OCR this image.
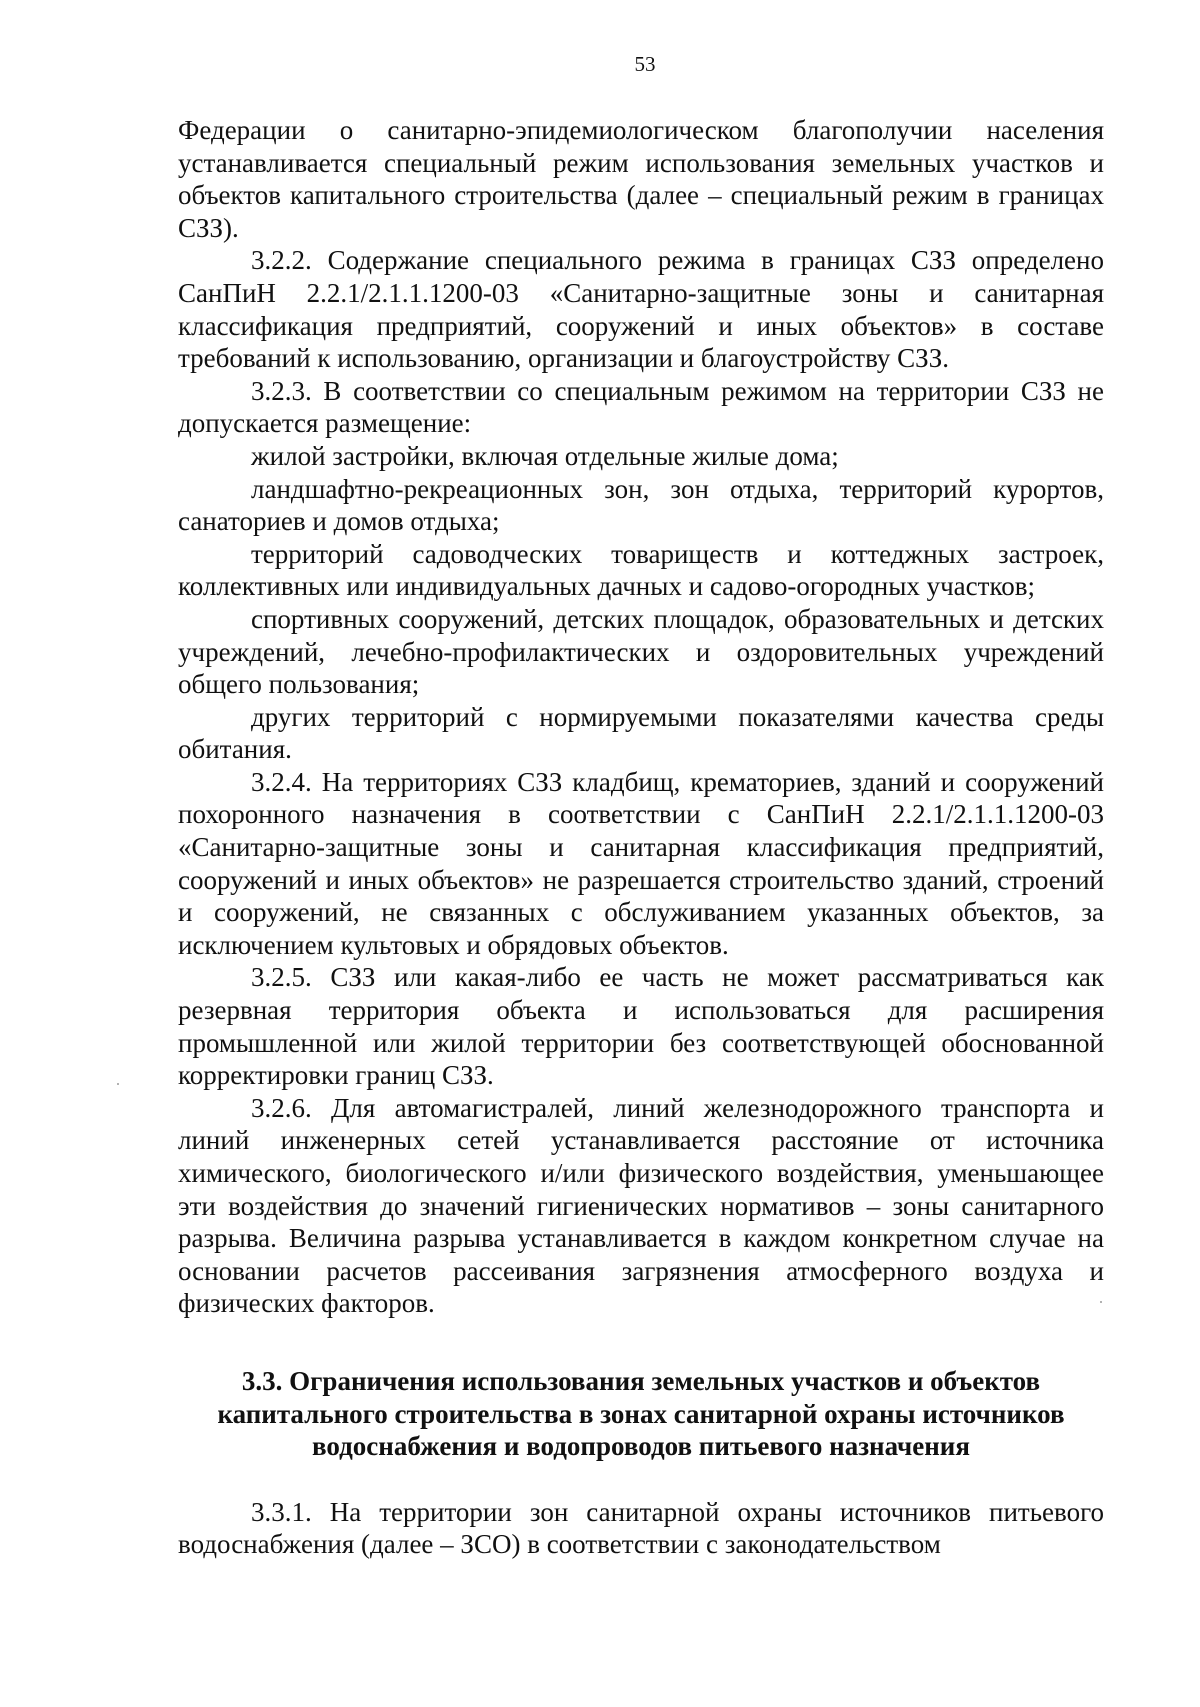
53

Федерации о санитарно-эпидемиологическом благополучии населения устанавливается специальный режим использования земельных участков и объектов капитального строительства (далее – специальный режим в границах СЗЗ).

3.2.2. Содержание специального режима в границах СЗЗ определено СанПиН 2.2.1/2.1.1.1200-03 «Санитарно-защитные зоны и санитарная классификация предприятий, сооружений и иных объектов» в составе требований к использованию, организации и благоустройству СЗЗ.

3.2.3. В соответствии со специальным режимом на территории СЗЗ не допускается размещение:

жилой застройки, включая отдельные жилые дома;

ландшафтно-рекреационных зон, зон отдыха, территорий курортов, санаториев и домов отдыха;

территорий садоводческих товариществ и коттеджных застроек, коллективных или индивидуальных дачных и садово-огородных участков;

спортивных сооружений, детских площадок, образовательных и детских учреждений, лечебно-профилактических и оздоровительных учреждений общего пользования;

других территорий с нормируемыми показателями качества среды обитания.

3.2.4. На территориях СЗЗ кладбищ, крематориев, зданий и сооружений похоронного назначения в соответствии с СанПиН 2.2.1/2.1.1.1200-03 «Санитарно-защитные зоны и санитарная классификация предприятий, сооружений и иных объектов» не разрешается строительство зданий, строений и сооружений, не связанных с обслуживанием указанных объектов, за исключением культовых и обрядовых объектов.

3.2.5. СЗЗ или какая-либо ее часть не может рассматриваться как резервная территория объекта и использоваться для расширения промышленной или жилой территории без соответствующей обоснованной корректировки границ СЗЗ.

3.2.6. Для автомагистралей, линий железнодорожного транспорта и линий инженерных сетей устанавливается расстояние от источника химического, биологического и/или физического воздействия, уменьшающее эти воздействия до значений гигиенических нормативов – зоны санитарного разрыва. Величина разрыва устанавливается в каждом конкретном случае на основании расчетов рассеивания загрязнения атмосферного воздуха и физических факторов.

3.3. Ограничения использования земельных участков и объектов
капитального строительства в зонах санитарной охраны источников
водоснабжения и водопроводов питьевого назначения

3.3.1. На территории зон санитарной охраны источников питьевого водоснабжения (далее – ЗСО) в соответствии с законодательством
